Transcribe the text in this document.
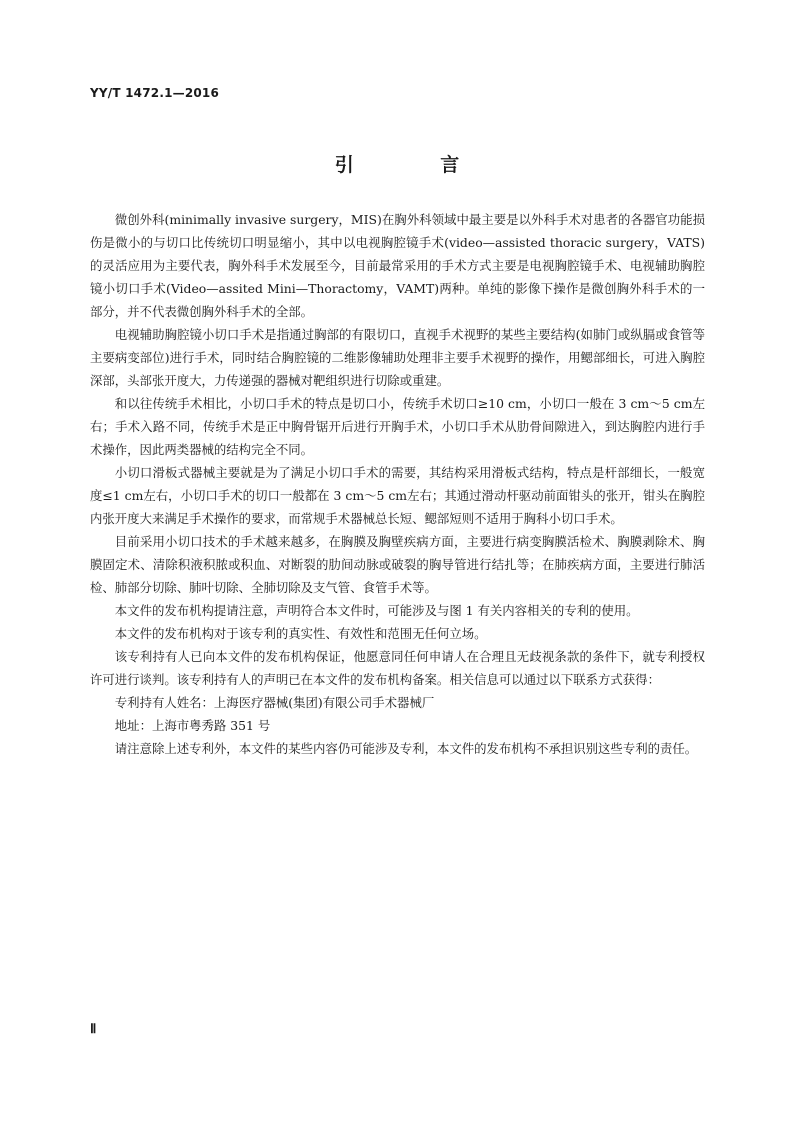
YY/T 1472.1—2016
引 言

微创外科(minimally invasive surgery，MIS)在胸外科领域中最主要是以外科手术对患者的各器官功能损伤是微小的与切口比传统切口明显缩小，其中以电视胸腔镜手术(video—assisted thoracic surgery，VATS)的灵活应用为主要代表，胸外科手术发展至今，目前最常采用的手术方式主要是电视胸腔镜手术、电视辅助胸腔镜小切口手术(Video—assited Mini—Thoractomy，VAMT)两种。单纯的影像下操作是微创胸外科手术的一部分，并不代表微创胸外科手术的全部。

电视辅助胸腔镜小切口手术是指通过胸部的有限切口，直视手术视野的某些主要结构(如肺门或纵膈或食管等主要病变部位)进行手术，同时结合胸腔镜的二维影像辅助处理非主要手术视野的操作，用鳃部细长，可进入胸腔深部，头部张开度大，力传递强的器械对靶组织进行切除或重建。

和以往传统手术相比，小切口手术的特点是切口小，传统手术切口≥10 cm，小切口一般在 3 cm～5 cm左右；手术入路不同，传统手术是正中胸骨锯开后进行开胸手术，小切口手术从肋骨间隙进入，到达胸腔内进行手术操作，因此两类器械的结构完全不同。

小切口滑板式器械主要就是为了满足小切口手术的需要，其结构采用滑板式结构，特点是杆部细长，一般宽度≤1 cm左右，小切口手术的切口一般都在 3 cm～5 cm左右；其通过滑动杆驱动前面钳头的张开，钳头在胸腔内张开度大来满足手术操作的要求，而常规手术器械总长短、鳃部短则不适用于胸科小切口手术。

目前采用小切口技术的手术越来越多，在胸膜及胸壁疾病方面，主要进行病变胸膜活检术、胸膜剥除术、胸膜固定术、清除积液积脓或积血、对断裂的肋间动脉或破裂的胸导管进行结扎等；在肺疾病方面，主要进行肺活检、肺部分切除、肺叶切除、全肺切除及支气管、食管手术等。

本文件的发布机构提请注意，声明符合本文件时，可能涉及与图 1 有关内容相关的专利的使用。

本文件的发布机构对于该专利的真实性、有效性和范围无任何立场。

该专利持有人已向本文件的发布机构保证，他愿意同任何申请人在合理且无歧视条款的条件下，就专利授权许可进行谈判。该专利持有人的声明已在本文件的发布机构备案。相关信息可以通过以下联系方式获得：

专利持有人姓名：上海医疗器械(集团)有限公司手术器械厂

地址：上海市粤秀路 351 号

请注意除上述专利外，本文件的某些内容仍可能涉及专利，本文件的发布机构不承担识别这些专利的责任。

Ⅱ
